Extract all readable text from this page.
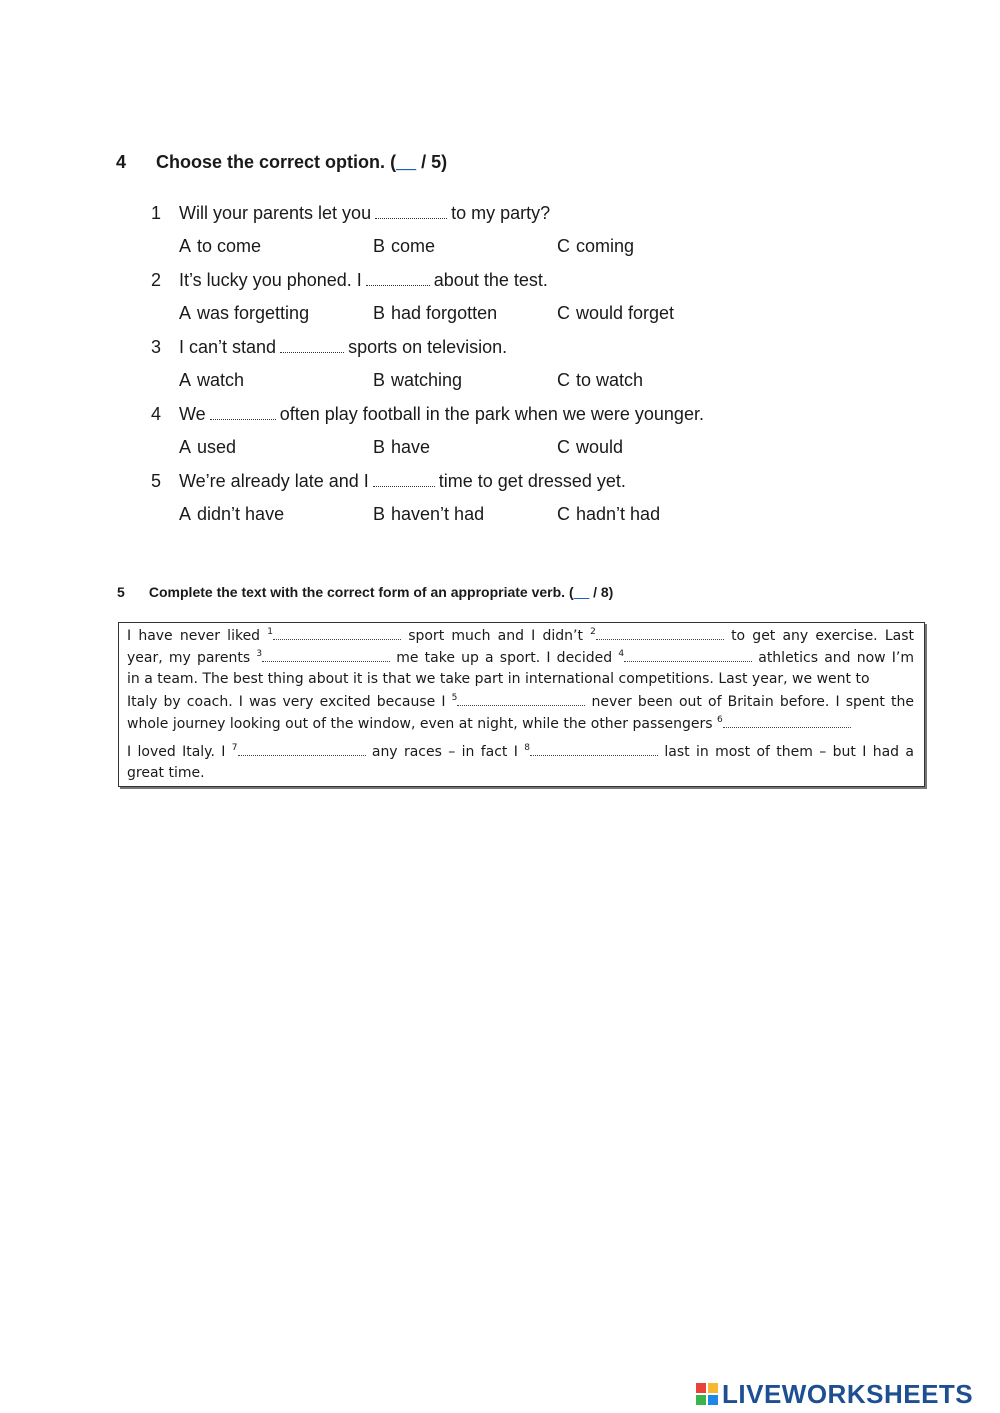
4 Choose the correct option. (__ / 5)
1 Will your parents let you	to my party?
A to come	B come	C coming
2 It’s lucky you phoned. I	about the test.
A was forgetting	B had forgotten	C would forget
3 I can’t stand	sports on television.
A watch	B watching	C to watch
4 We	often play football in the park when we were younger.
A used	B have	C would
5 We’re already late and I	time to get dressed yet.
A didn’t have	B haven’t had	C hadn’t had
5 Complete the text with the correct form of an appropriate verb. (__ / 8)
I have never liked $^1$	sport much and I didn’t $^2$	to get any exercise. Last
year, my parents $^3$	me take up a sport. I decided $^4$	athletics and now I’m
in a team. The best thing about it is that we take part in international competitions. Last year, we went to
Italy by coach. I was very excited because I $^5$	never been out of Britain before. I spent the
whole journey looking out of the window, even at night, while the other passengers $^6$
I loved Italy. I $^7$	any races – in fact I $^8$	last in most of them – but I had a
great time.
LIVEWORKSHEETS
